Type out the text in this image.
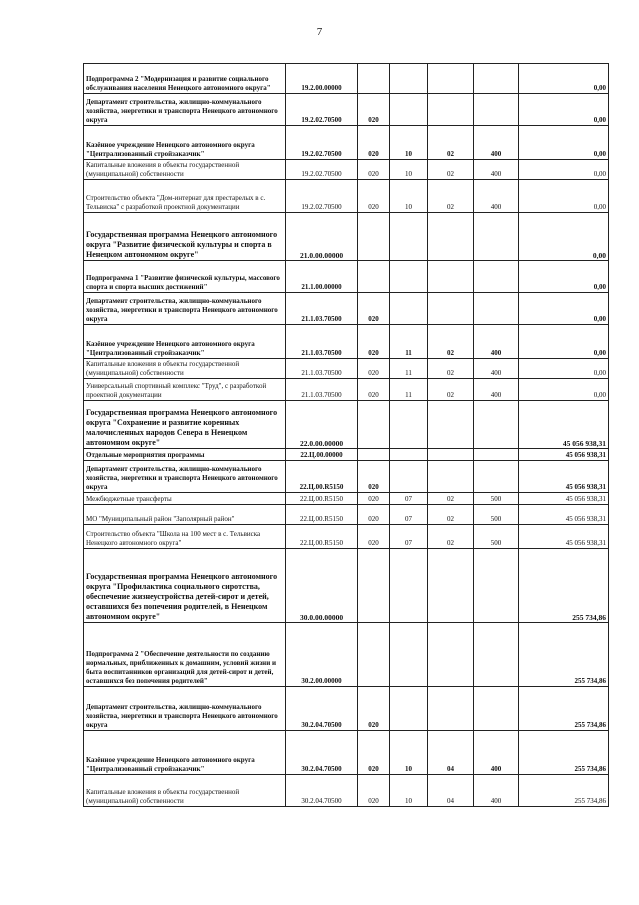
7
Подпрограмма 2 "Модернизация и развитие социального обслуживания населения Ненецкого автономного округа"	19.2.00.00000					0,00
Департамент строительства, жилищно-коммунального хозяйства, энергетики и транспорта Ненецкого автономного округа	19.2.02.70500	020				0,00
Казённое учреждение Ненецкого автономного округа "Централизованный стройзаказчик"	19.2.02.70500	020	10	02	400	0,00
Капитальные вложения в объекты государственной (муниципальной) собственности	19.2.02.70500	020	10	02	400	0,00
Строительство объекта "Дом-интернат для престарелых в с. Тельвиска" с разработкой проектной документации	19.2.02.70500	020	10	02	400	0,00
Государственная программа Ненецкого автономного округа "Развитие физической культуры и спорта в Ненецком автономном округе"	21.0.00.00000					0,00
Подпрограмма 1 "Развитие физической культуры, массового спорта и спорта высших достижений"	21.1.00.00000					0,00
Департамент строительства, жилищно-коммунального хозяйства, энергетики и транспорта Ненецкого автономного округа	21.1.03.70500	020				0,00
Казённое учреждение Ненецкого автономного округа "Централизованный стройзаказчик"	21.1.03.70500	020	11	02	400	0,00
Капитальные вложения в объекты государственной (муниципальной) собственности	21.1.03.70500	020	11	02	400	0,00
Универсальный спортивный комплекс "Труд", с разработкой проектной документации	21.1.03.70500	020	11	02	400	0,00
Государственная программа Ненецкого автономного округа "Сохранение и развитие коренных малочисленных народов Севера в Ненецком автономном округе"	22.0.00.00000					45 056 938,31
Отдельные мероприятия программы	22.Ц.00.00000					45 056 938,31
Департамент строительства, жилищно-коммунального хозяйства, энергетики и транспорта Ненецкого автономного округа	22.Ц.00.R5150	020				45 056 938,31
Межбюджетные трансферты	22.Ц.00.R5150	020	07	02	500	45 056 938,31
МО "Муниципальный район "Заполярный район"	22.Ц.00.R5150	020	07	02	500	45 056 938,31
Строительство объекта "Школа на 100 мест в с. Тельвиска Ненецкого автономного округа"	22.Ц.00.R5150	020	07	02	500	45 056 938,31
Государственная программа Ненецкого автономного округа "Профилактика социального сиротства, обеспечение жизнеустройства детей-сирот и детей, оставшихся без попечения родителей, в Ненецком автономном округе"	30.0.00.00000					255 734,86
Подпрограмма 2 "Обеспечение деятельности по созданию нормальных, приближенных к домашним, условий жизни и быта воспитанников организаций для детей-сирот и детей, оставшихся без попечения родителей"	30.2.00.00000					255 734,86
Департамент строительства, жилищно-коммунального хозяйства, энергетики и транспорта Ненецкого автономного округа	30.2.04.70500	020				255 734,86
Казённое учреждение Ненецкого автономного округа "Централизованный стройзаказчик"	30.2.04.70500	020	10	04	400	255 734,86
Капитальные вложения в объекты государственной (муниципальной) собственности	30.2.04.70500	020	10	04	400	255 734,86
